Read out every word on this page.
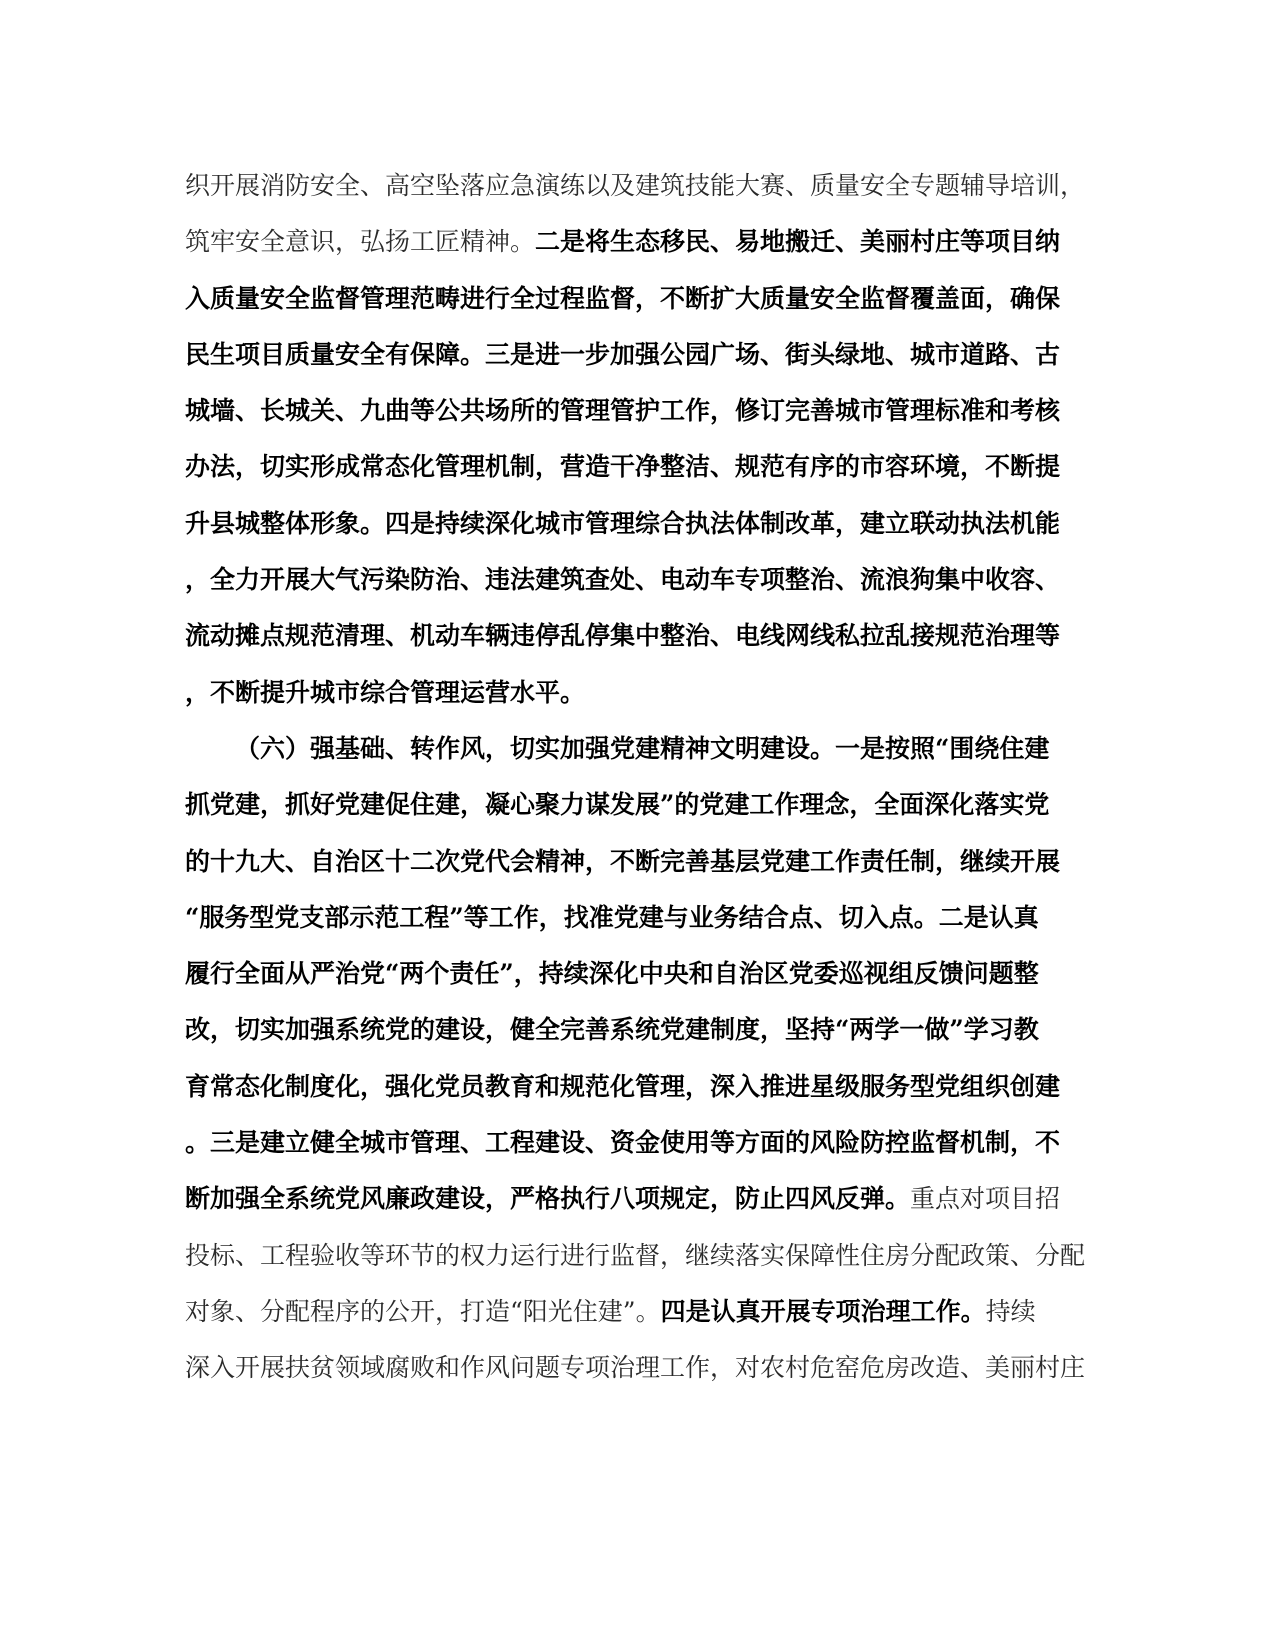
织开展消防安全、高空坠落应急演练以及建筑技能大赛、质量安全专题辅导培训，
筑牢安全意识，弘扬工匠精神。二是将生态移民、易地搬迁、美丽村庄等项目纳
入质量安全监督管理范畴进行全过程监督，不断扩大质量安全监督覆盖面，确保
民生项目质量安全有保障。三是进一步加强公园广场、街头绿地、城市道路、古
城墙、长城关、九曲等公共场所的管理管护工作，修订完善城市管理标准和考核
办法，切实形成常态化管理机制，营造干净整洁、规范有序的市容环境，不断提
升县城整体形象。四是持续深化城市管理综合执法体制改革，建立联动执法机能
，全力开展大气污染防治、违法建筑查处、电动车专项整治、流浪狗集中收容、
流动摊点规范清理、机动车辆违停乱停集中整治、电线网线私拉乱接规范治理等
，不断提升城市综合管理运营水平。
（六）强基础、转作风，切实加强党建精神文明建设。一是按照“围绕住建
抓党建，抓好党建促住建，凝心聚力谋发展”的党建工作理念，全面深化落实党
的十九大、自治区十二次党代会精神，不断完善基层党建工作责任制，继续开展
“服务型党支部示范工程”等工作，找准党建与业务结合点、切入点。二是认真
履行全面从严治党“两个责任”，持续深化中央和自治区党委巡视组反馈问题整
改，切实加强系统党的建设，健全完善系统党建制度，坚持“两学一做”学习教
育常态化制度化，强化党员教育和规范化管理，深入推进星级服务型党组织创建
。三是建立健全城市管理、工程建设、资金使用等方面的风险防控监督机制，不
断加强全系统党风廉政建设，严格执行八项规定，防止四风反弹。重点对项目招
投标、工程验收等环节的权力运行进行监督，继续落实保障性住房分配政策、分配
对象、分配程序的公开，打造“阳光住建”。四是认真开展专项治理工作。持续
深入开展扶贫领域腐败和作风问题专项治理工作，对农村危窑危房改造、美丽村庄
